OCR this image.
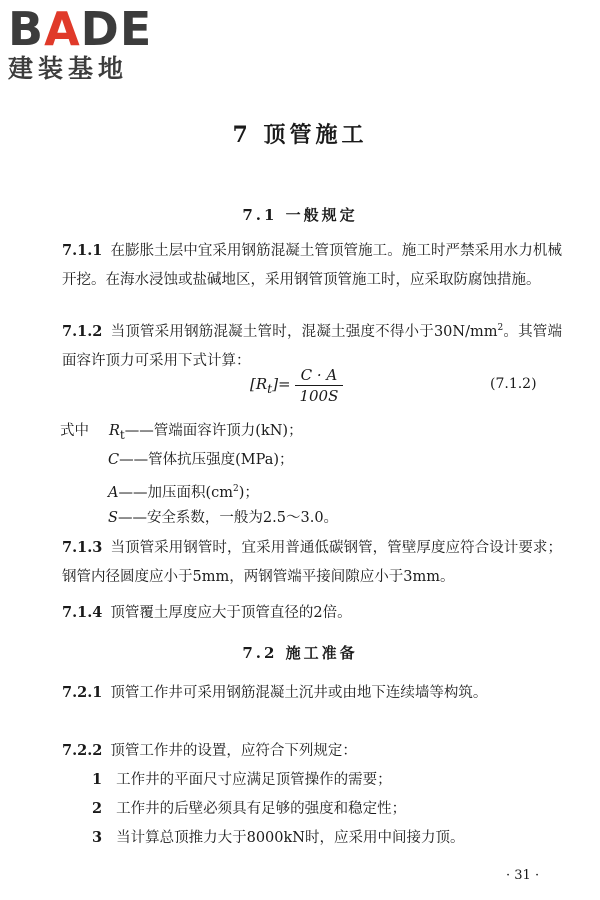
BADE
建装基地
7 顶管施工
7.1 一般规定

7.1.1 在膨胀土层中宜采用钢筋混凝土管顶管施工。施工时严禁采用水力机械开挖。在海水浸蚀或盐碱地区，采用钢管顶管施工时，应采取防腐蚀措施。

7.1.2 当顶管采用钢筋混凝土管时，混凝土强度不得小于$30N/mm^2$。其管端面容许顶力可采用下式计算：

$[R_t]= \frac{C \cdot A}{100S}$	(7.1.2)
式中 $R_t——$管端面容许顶力(kN)；
C——管体抗压强度(MPa)；
A——加压面积$(cm^2)$；
S——安全系数，一般为2.5～3.0。

7.1.3 当顶管采用钢管时，宜采用普通低碳钢管，管壁厚度应符合设计要求；钢管内径圆度应小于5mm，两钢管端平接间隙应小于3mm。

7.1.4 顶管覆土厚度应大于顶管直径的2倍。

7.2 施工准备

7.2.1 顶管工作井可采用钢筋混凝土沉井或由地下连续墙等构筑。

7.2.2 顶管工作井的设置，应符合下列规定：

1 工作井的平面尺寸应满足顶管操作的需要；
2 工作井的后壁必须具有足够的强度和稳定性；
3 当计算总顶推力大于8000kN时，应采用中间接力顶。
· 31 ·
